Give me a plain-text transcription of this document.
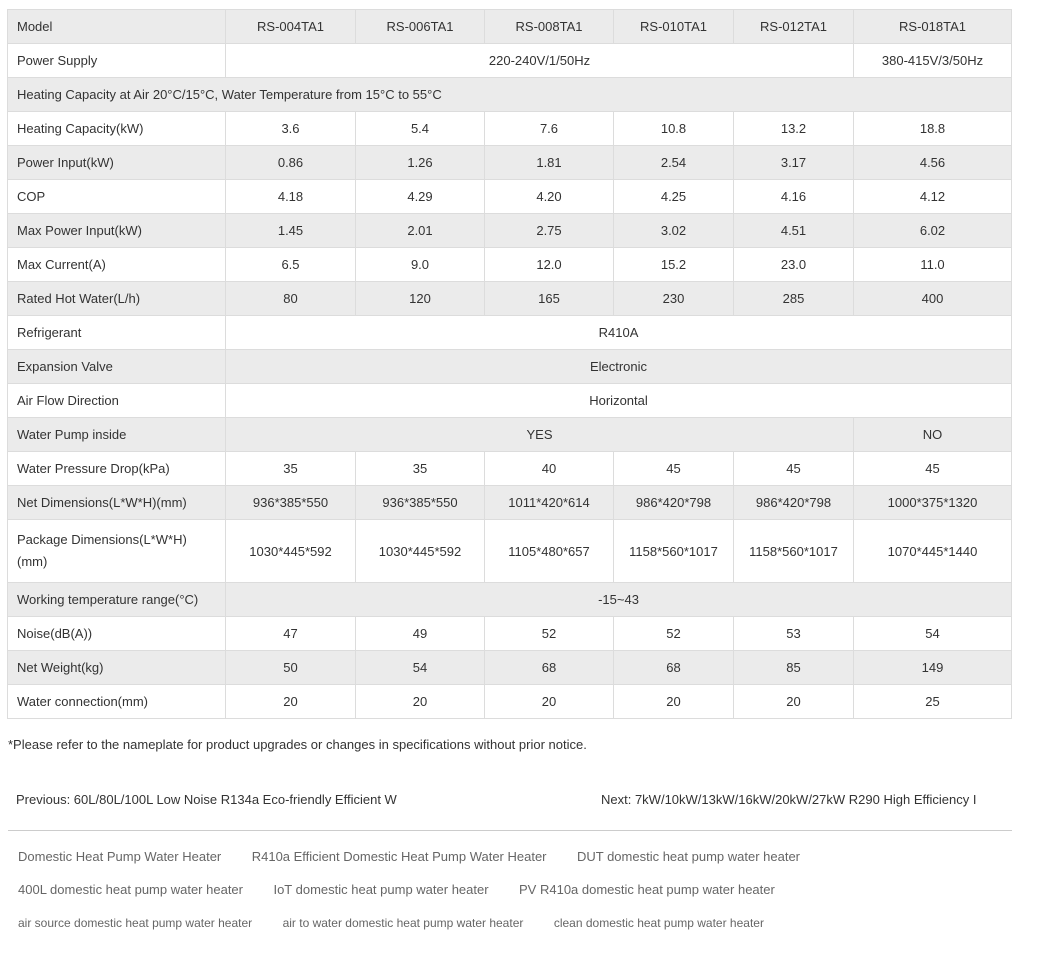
Model	RS-004TA1	RS-006TA1	RS-008TA1	RS-010TA1	RS-012TA1	RS-018TA1
Power Supply	220-240V/1/50Hz					380-415V/3/50Hz
Heating Capacity at Air 20°C/15°C, Water Temperature from 15°C to 55°C						
Heating Capacity(kW)	3.6	5.4	7.6	10.8	13.2	18.8
Power Input(kW)	0.86	1.26	1.81	2.54	3.17	4.56
COP	4.18	4.29	4.20	4.25	4.16	4.12
Max Power Input(kW)	1.45	2.01	2.75	3.02	4.51	6.02
Max Current(A)	6.5	9.0	12.0	15.2	23.0	11.0
Rated Hot Water(L/h)	80	120	165	230	285	400
Refrigerant	R410A					
Expansion Valve	Electronic					
Air Flow Direction	Horizontal					
Water Pump inside	YES					NO
Water Pressure Drop(kPa)	35	35	40	45	45	45
Net Dimensions(L*W*H)(mm)	936*385*550	936*385*550	1011*420*614	986*420*798	986*420*798	1000*375*1320
Package Dimensions(L*W*H)(mm)	1030*445*592	1030*445*592	1105*480*657	1158*560*1017	1158*560*1017	1070*445*1440
Working temperature range(°C)	-15~43					
Noise(dB(A))	47	49	52	52	53	54
Net Weight(kg)	50	54	68	68	85	149
Water connection(mm)	20	20	20	20	20	25
*Please refer to the nameplate for product upgrades or changes in specifications without prior notice.
Previous: 60L/80L/100L Low Noise R134a Eco-friendly Efficient W	Next: 7kW/10kW/13kW/16kW/20kW/27kW R290 High Efficiency I
Domestic Heat Pump Water Heater R410a Efficient Domestic Heat Pump Water Heater DUT domestic heat pump water heater
400L domestic heat pump water heater IoT domestic heat pump water heater PV R410a domestic heat pump water heater
air source domestic heat pump water heater	air to water domestic heat pump water heater	clean domestic heat pump water heater
